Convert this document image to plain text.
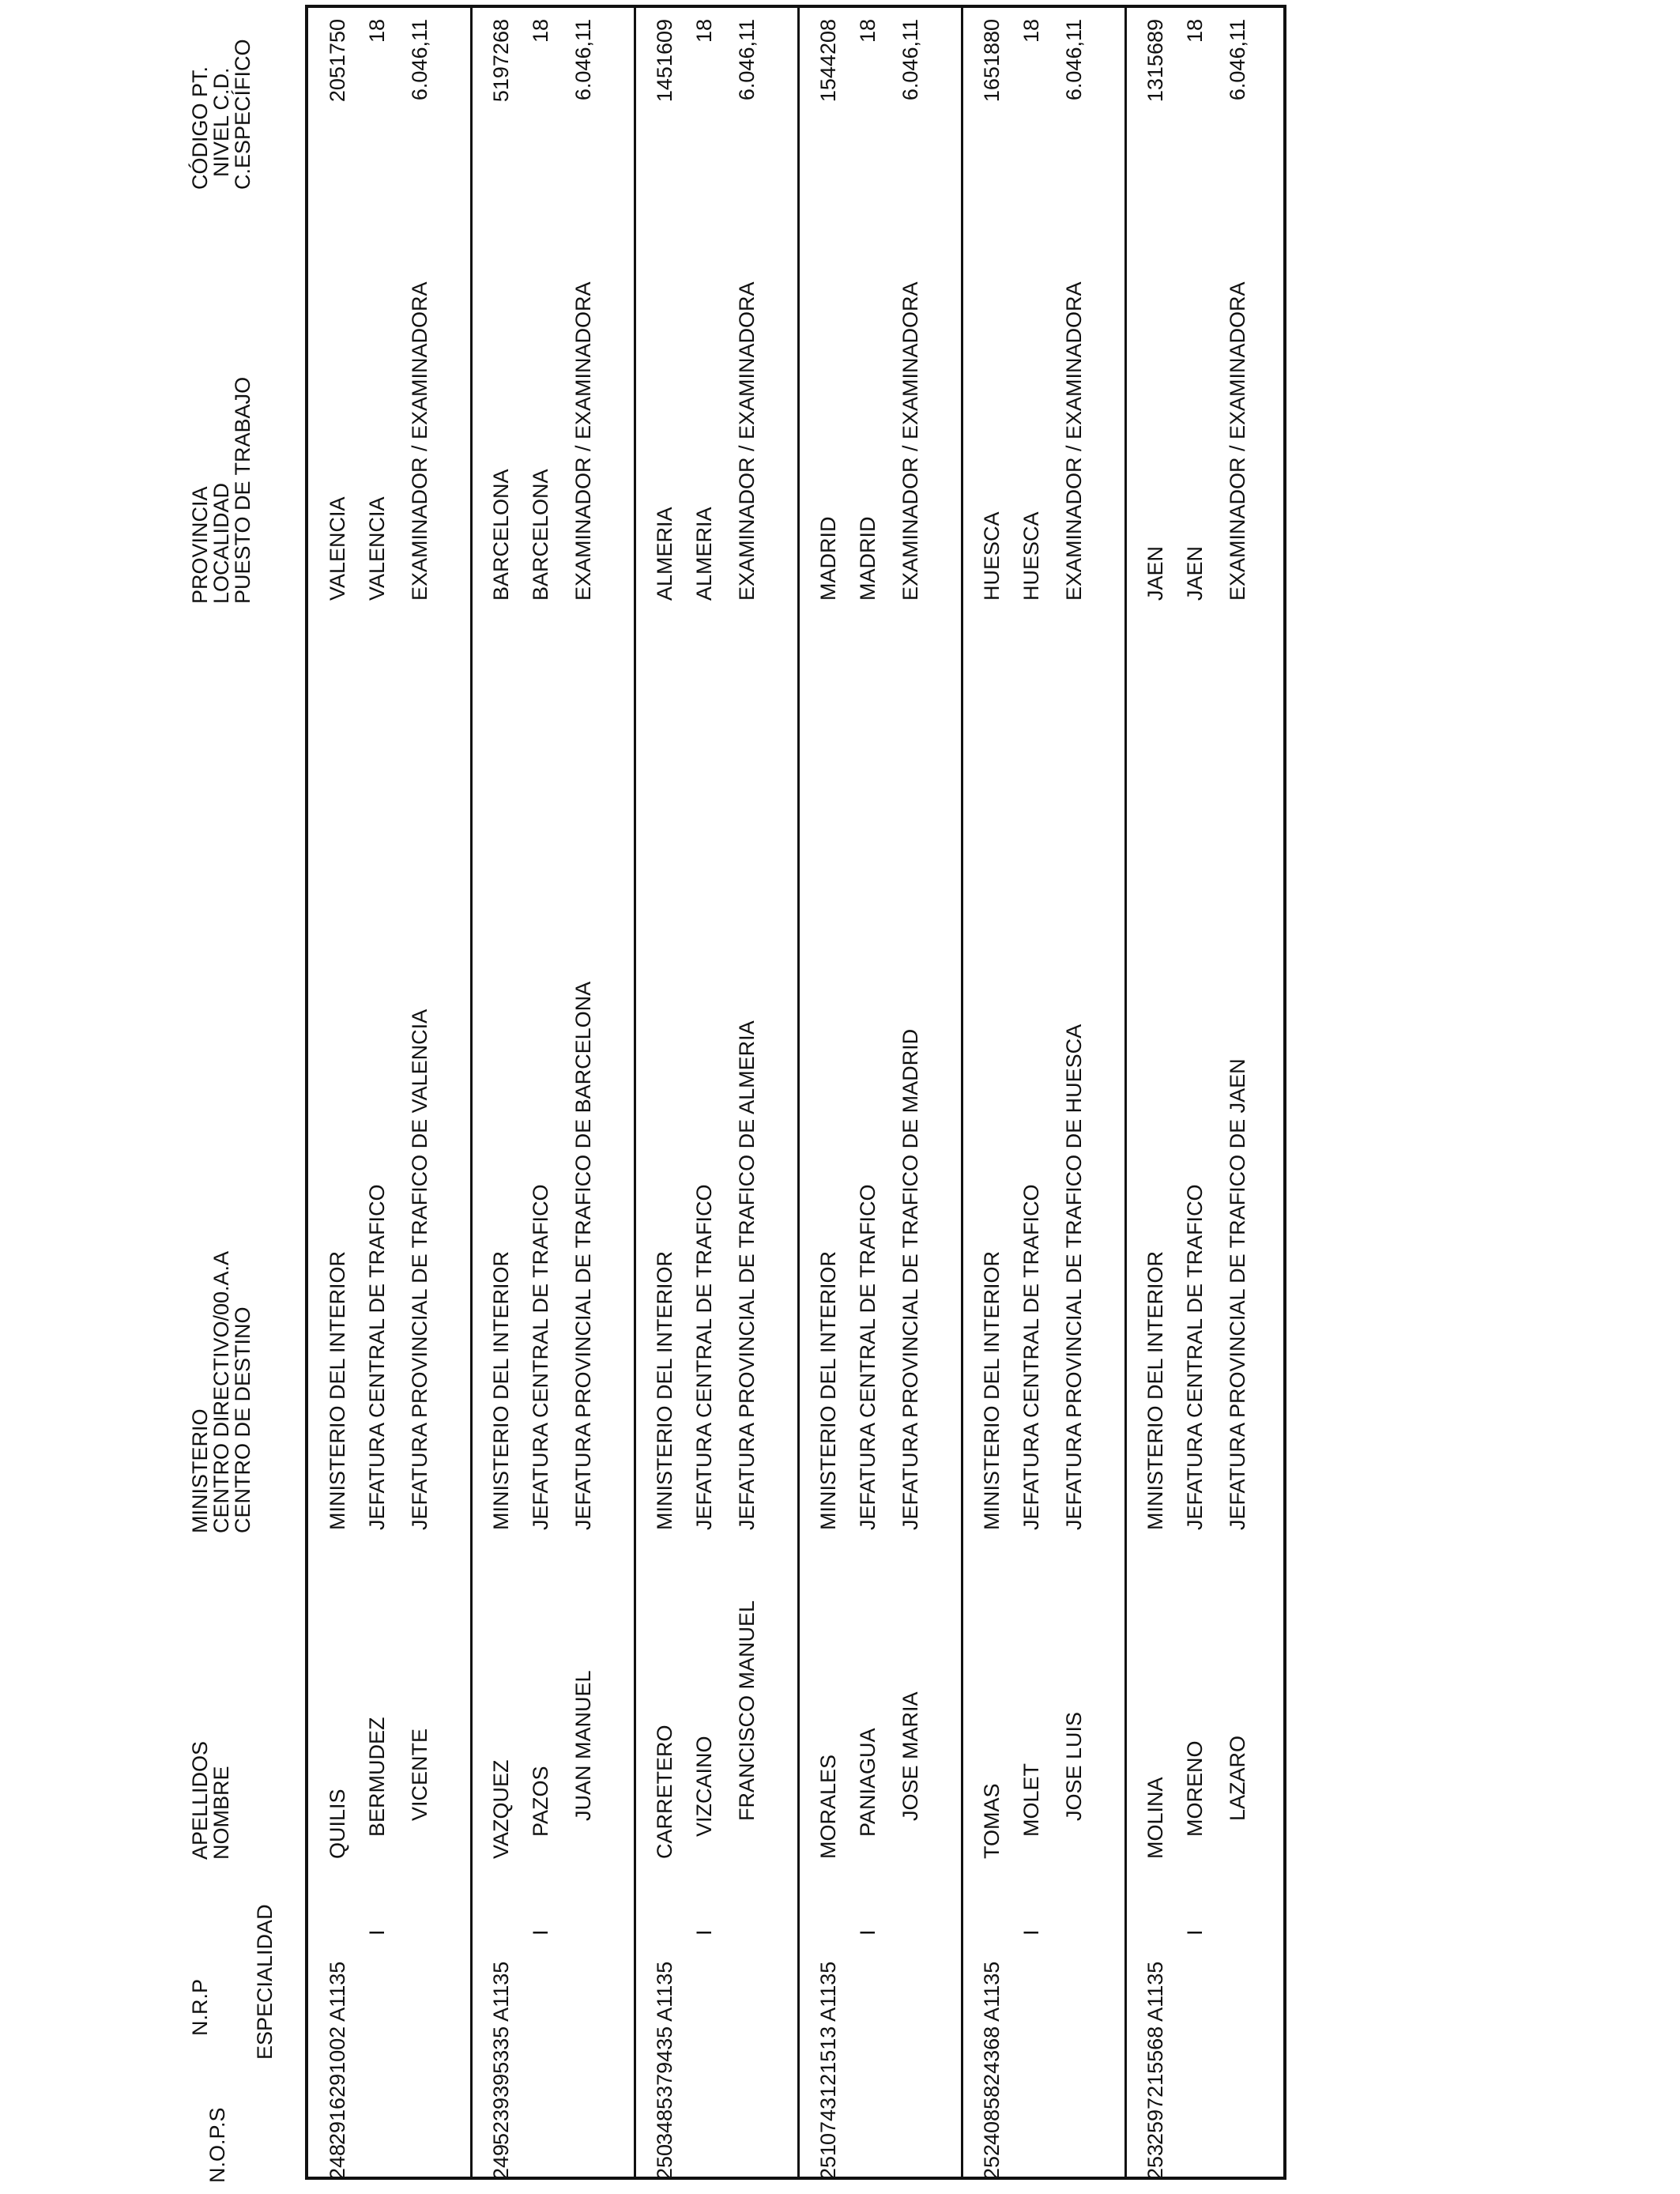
N.O.P.S
N.R.P ESPECIALIDAD
APELLIDOS
NOMBRE
MINISTERIO
CENTRO DIRECTIVO/00.A.A
CENTRO DE DESTINO
PROVINCIA
LOCALIDAD
PUESTO DE TRABAJO
CÓDIGO PT.
NIVEL C.D.
C.ESPECÍFICO
248
2916291002 A1135
I
QUILIS BERMUDEZ VICENTE
MINISTERIO DEL INTERIOR JEFATURA CENTRAL DE TRAFICO JEFATURA PROVINCIAL DE TRAFICO DE VALENCIA
VALENCIA VALENCIA EXAMINADOR / EXAMINADORA
2051750 18 6.046,11
249
5239395335 A1135
I
VAZQUEZ PAZOS JUAN MANUEL
MINISTERIO DEL INTERIOR JEFATURA CENTRAL DE TRAFICO JEFATURA PROVINCIAL DE TRAFICO DE BARCELONA
BARCELONA BARCELONA EXAMINADOR / EXAMINADORA
5197268 18 6.046,11
250
3485379435 A1135
I
CARRETERO VIZCAINO FRANCISCO MANUEL
MINISTERIO DEL INTERIOR JEFATURA CENTRAL DE TRAFICO JEFATURA PROVINCIAL DE TRAFICO DE ALMERIA
ALMERIA ALMERIA EXAMINADOR / EXAMINADORA
1451609 18 6.046,11
251
0743121513 A1135
I
MORALES PANIAGUA JOSE MARIA
MINISTERIO DEL INTERIOR JEFATURA CENTRAL DE TRAFICO JEFATURA PROVINCIAL DE TRAFICO DE MADRID
MADRID MADRID EXAMINADOR / EXAMINADORA
1544208 18 6.046,11
252
4085824368 A1135
I
TOMAS MOLET JOSE LUIS
MINISTERIO DEL INTERIOR JEFATURA CENTRAL DE TRAFICO JEFATURA PROVINCIAL DE TRAFICO DE HUESCA
HUESCA HUESCA EXAMINADOR / EXAMINADORA
1651880 18 6.046,11
253
2597215568 A1135
I
MOLINA MORENO LAZARO
MINISTERIO DEL INTERIOR JEFATURA CENTRAL DE TRAFICO JEFATURA PROVINCIAL DE TRAFICO DE JAEN
JAEN JAEN EXAMINADOR / EXAMINADORA
1315689 18 6.046,11
